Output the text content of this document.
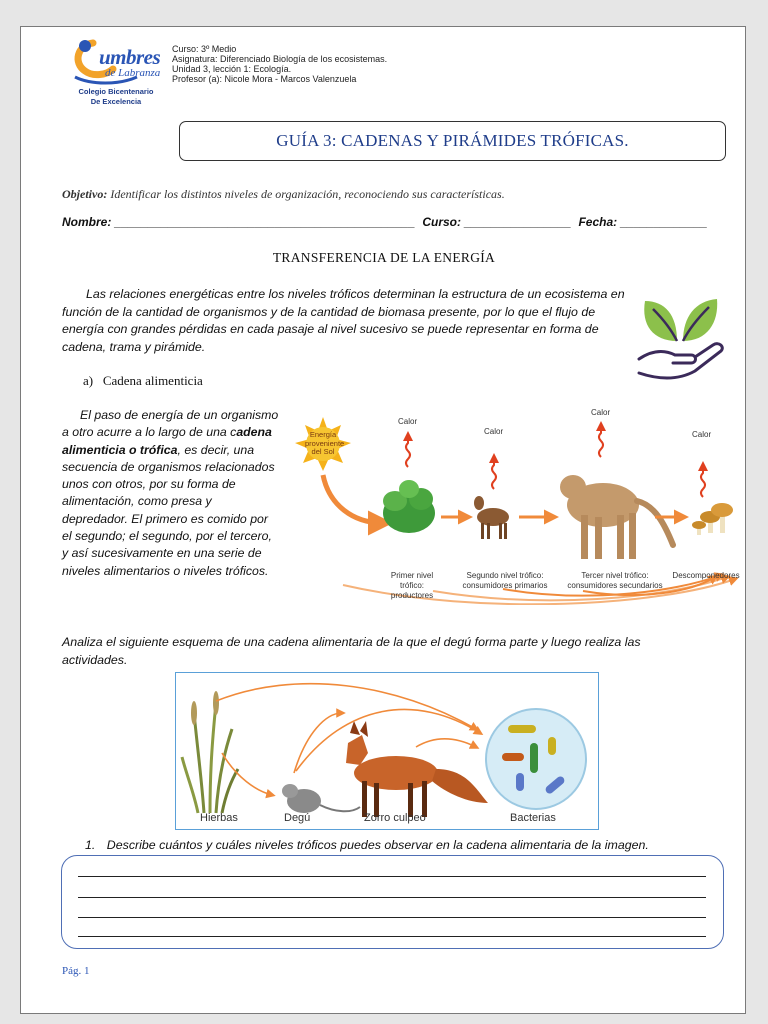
umbres
de Labranza
Colegio Bicentenario
De Excelencia
Curso: 3º Medio
Asignatura: Diferenciado Biología de los ecosistemas.
Unidad 3, lección 1: Ecología.
Profesor (a): Nicole Mora - Marcos Valenzuela
GUÍA 3: CADENAS Y PIRÁMIDES TRÓFICAS.
Objetivo: Identificar los distintos niveles de organización, reconociendo sus características.
Nombre: _____________________________________________ Curso: ________________ Fecha: _____________
TRANSFERENCIA DE LA ENERGÍA
Las relaciones energéticas entre los niveles tróficos determinan la estructura de un ecosistema en función de la cantidad de organismos y de la cantidad de biomasa presente, por lo que el flujo de energía con grandes pérdidas en cada pasaje al nivel sucesivo se puede representar en forma de cadena, trama y pirámide.
a)   Cadena alimenticia
El paso de energía de un organismo a otro acurre a lo largo de una cadena alimenticia o trófica, es decir, una secuencia de organismos relacionados unos con otros, por su forma de alimentación, como presa y depredador. El primero es comido por el segundo; el segundo, por el tercero, y así sucesivamente en una serie de niveles alimentarios o niveles tróficos.
Energía proveniente del Sol
Calor
Calor
Calor
Calor
Primer nivel trófico: productores
Segundo nivel trófico: consumidores primarios
Tercer nivel trófico: consumidores secundarios
Descomponedores
Analiza el siguiente esquema de una cadena alimentaria de la que el degú forma parte y luego realiza las actividades.
Hierbas	Degú	Zorro culpeo	Bacterias
1. Describe cuántos y cuáles niveles tróficos puedes observar en la cadena alimentaria de la imagen.
Pág. 1
